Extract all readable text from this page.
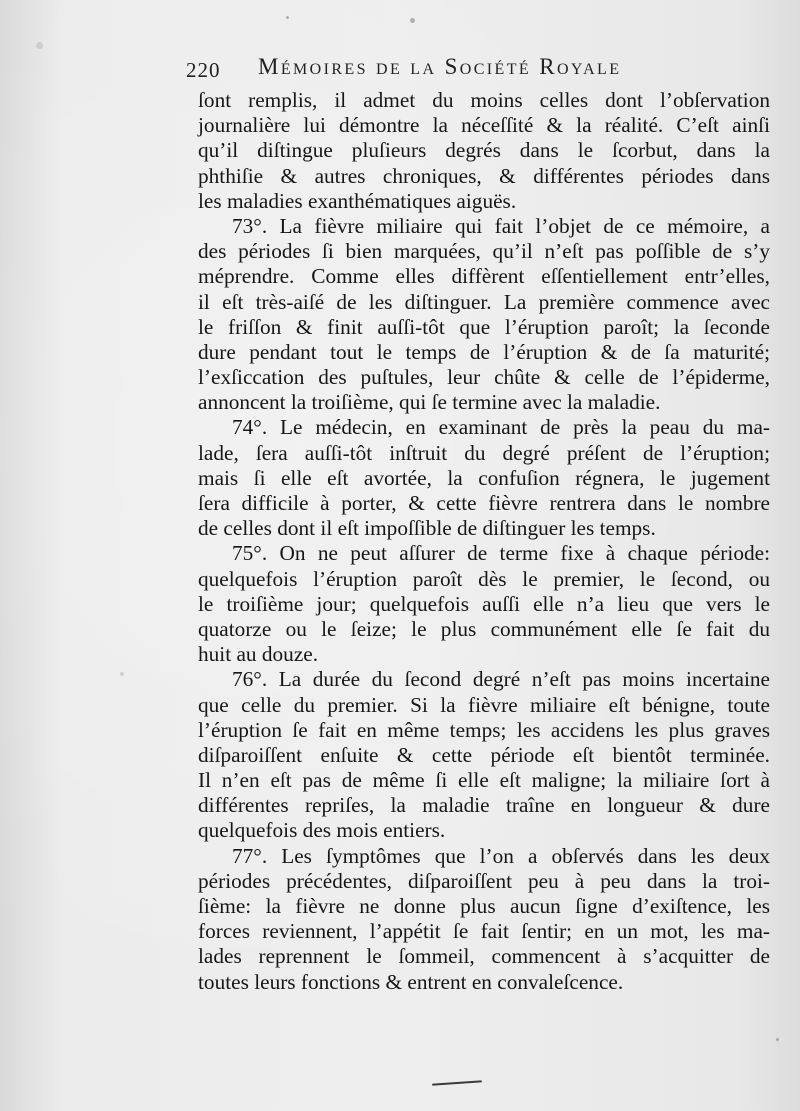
220 Mémoires de la Société Royale
ſont remplis, il admet du moins celles dont l’obſervation
journalière lui démontre la néceſſité & la réalité. C’eſt ainſi
qu’il diſtingue pluſieurs degrés dans le ſcorbut, dans la
phthiſie & autres chroniques, & différentes périodes dans
les maladies exanthématiques aiguës.
73°. La fièvre miliaire qui fait l’objet de ce mémoire, a
des périodes ſi bien marquées, qu’il n’eſt pas poſſible de s’y
méprendre. Comme elles diffèrent eſſentiellement entr’elles,
il eſt très-aiſé de les diſtinguer. La première commence avec
le friſſon & finit auſſi-tôt que l’éruption paroît; la ſeconde
dure pendant tout le temps de l’éruption & de ſa maturité;
l’exſiccation des puſtules, leur chûte & celle de l’épiderme,
annoncent la troiſième, qui ſe termine avec la maladie.
74°. Le médecin, en examinant de près la peau du ma-
lade, ſera auſſi-tôt inſtruit du degré préſent de l’éruption;
mais ſi elle eſt avortée, la confuſion régnera, le jugement
ſera difficile à porter, & cette fièvre rentrera dans le nombre
de celles dont il eſt impoſſible de diſtinguer les temps.
75°. On ne peut aſſurer de terme fixe à chaque période:
quelquefois l’éruption paroît dès le premier, le ſecond, ou
le troiſième jour; quelquefois auſſi elle n’a lieu que vers le
quatorze ou le ſeize; le plus communément elle ſe fait du
huit au douze.
76°. La durée du ſecond degré n’eſt pas moins incertaine
que celle du premier. Si la fièvre miliaire eſt bénigne, toute
l’éruption ſe fait en même temps; les accidens les plus graves
diſparoiſſent enſuite & cette période eſt bientôt terminée.
Il n’en eſt pas de même ſi elle eſt maligne; la miliaire ſort à
différentes repriſes, la maladie traîne en longueur & dure
quelquefois des mois entiers.
77°. Les ſymptômes que l’on a obſervés dans les deux
périodes précédentes, diſparoiſſent peu à peu dans la troi-
ſième: la fièvre ne donne plus aucun ſigne d’exiſtence, les
forces reviennent, l’appétit ſe fait ſentir; en un mot, les ma-
lades reprennent le ſommeil, commencent à s’acquitter de
toutes leurs fonctions & entrent en convaleſcence.
